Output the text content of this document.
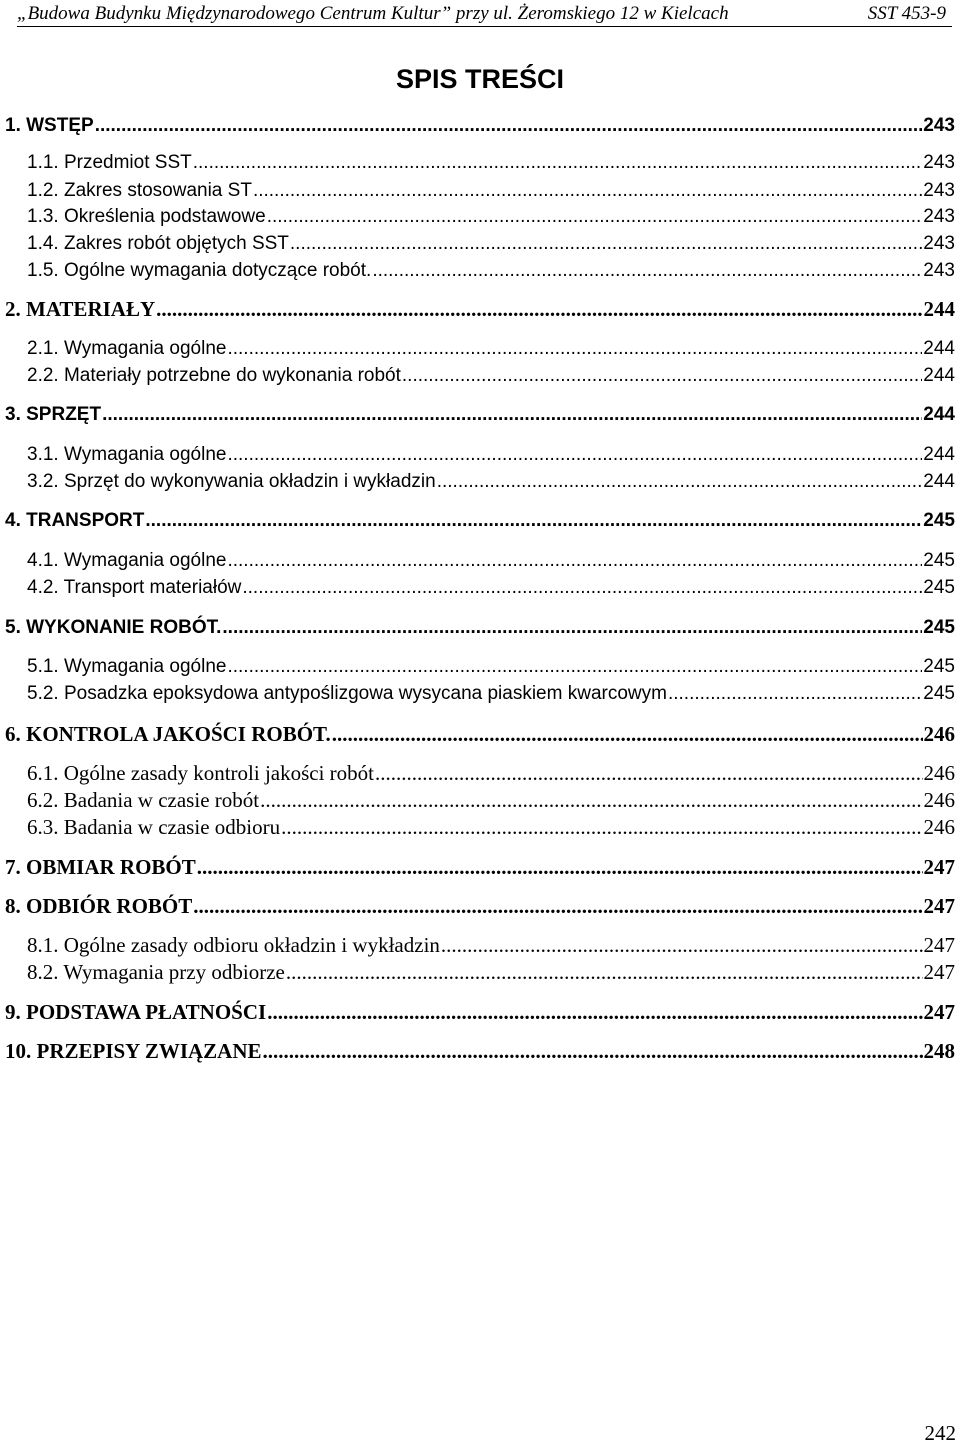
„Budowa Budynku Międzynarodowego Centrum Kultur” przy ul. Żeromskiego 12 w Kielcach	SST 453-9
SPIS TREŚCI
1. WSTĘP .....	243
1.1. Przedmiot SST .....	243
1.2. Zakres stosowania ST .....	243
1.3. Określenia podstawowe .....	243
1.4. Zakres robót objętych SST .....	243
1.5. Ogólne wymagania dotyczące robót. .....	243
2. MATERIAŁY .....	244
2.1. Wymagania ogólne .....	244
2.2. Materiały potrzebne do wykonania robót .....	244
3. SPRZĘT .....	244
3.1. Wymagania ogólne .....	244
3.2. Sprzęt do wykonywania okładzin i wykładzin .....	244
4. TRANSPORT .....	245
4.1. Wymagania ogólne .....	245
4.2. Transport materiałów .....	245
5. WYKONANIE ROBÓT. .....	245
5.1. Wymagania ogólne .....	245
5.2. Posadzka epoksydowa antypoślizgowa wysycana piaskiem kwarcowym .....	245
6. KONTROLA JAKOŚCI ROBÓT. .....	246
6.1. Ogólne zasady kontroli jakości robót .....	246
6.2. Badania w czasie robót .....	246
6.3. Badania w czasie odbioru .....	246
7. OBMIAR ROBÓT .....	247
8. ODBIÓR ROBÓT .....	247
8.1. Ogólne zasady odbioru okładzin i wykładzin .....	247
8.2. Wymagania przy odbiorze .....	247
9. PODSTAWA PŁATNOŚCI .....	247
10. PRZEPISY ZWIĄZANE .....	248
242
